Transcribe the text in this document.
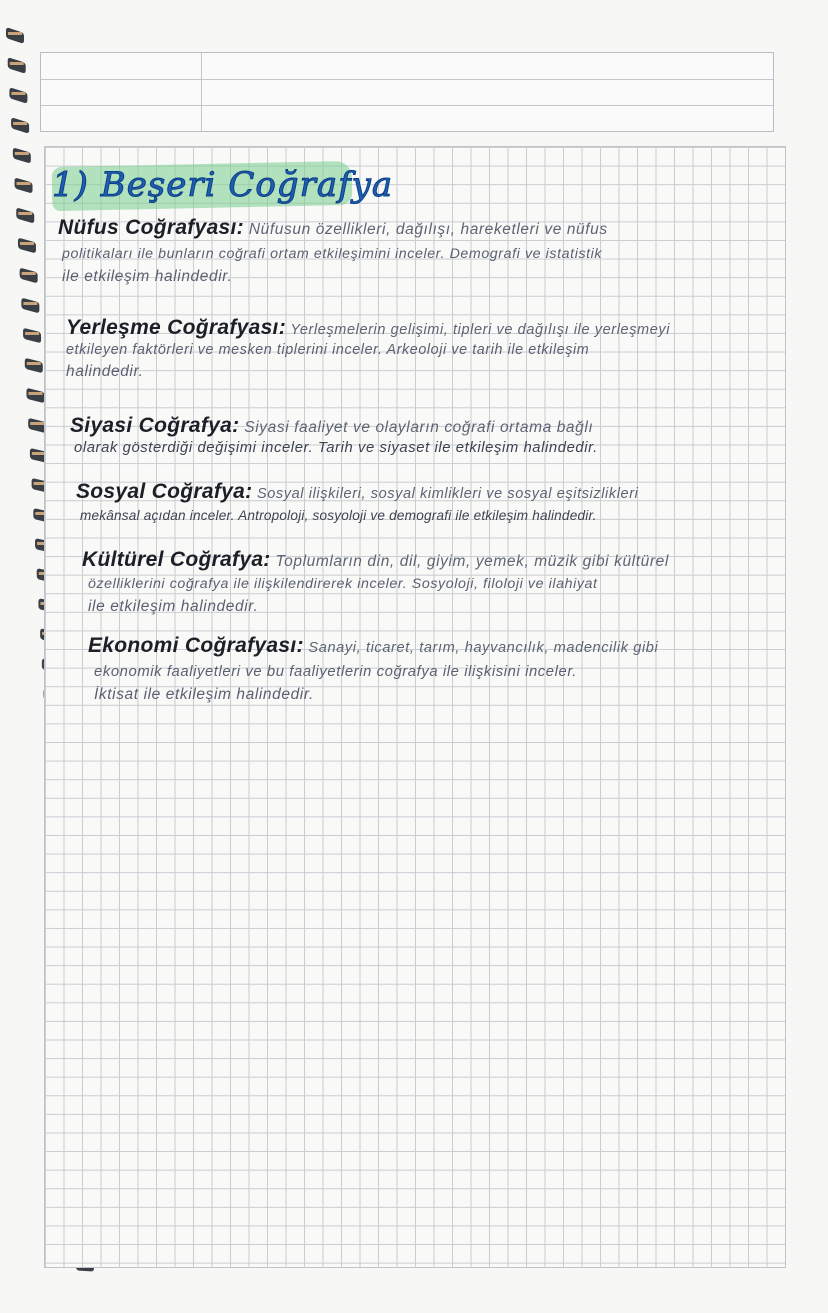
1) Beşeri Coğrafya
Nüfus Coğrafyası: Nüfusun özellikleri, dağılışı, hareketleri ve nüfus
politikaları ile bunların coğrafi ortam etkileşimini inceler. Demografi ve istatistik
ile etkileşim halindedir.
Yerleşme Coğrafyası: Yerleşmelerin gelişimi, tipleri ve dağılışı ile yerleşmeyi
etkileyen faktörleri ve mesken tiplerini inceler. Arkeoloji ve tarih ile etkileşim
halindedir.
Siyasi Coğrafya: Siyasi faaliyet ve olayların coğrafi ortama bağlı
olarak gösterdiği değişimi inceler. Tarih ve siyaset ile etkileşim halindedir.
Sosyal Coğrafya: Sosyal ilişkileri, sosyal kimlikleri ve sosyal eşitsizlikleri
mekânsal açıdan inceler. Antropoloji, sosyoloji ve demografi ile etkileşim halindedir.
Kültürel Coğrafya: Toplumların din, dil, giyim, yemek, müzik gibi kültürel
özelliklerini coğrafya ile ilişkilendirerek inceler. Sosyoloji, filoloji ve ilahiyat
ile etkileşim halindedir.
Ekonomi Coğrafyası: Sanayi, ticaret, tarım, hayvancılık, madencilik gibi
ekonomik faaliyetleri ve bu faaliyetlerin coğrafya ile ilişkisini inceler.
İktisat ile etkileşim halindedir.
